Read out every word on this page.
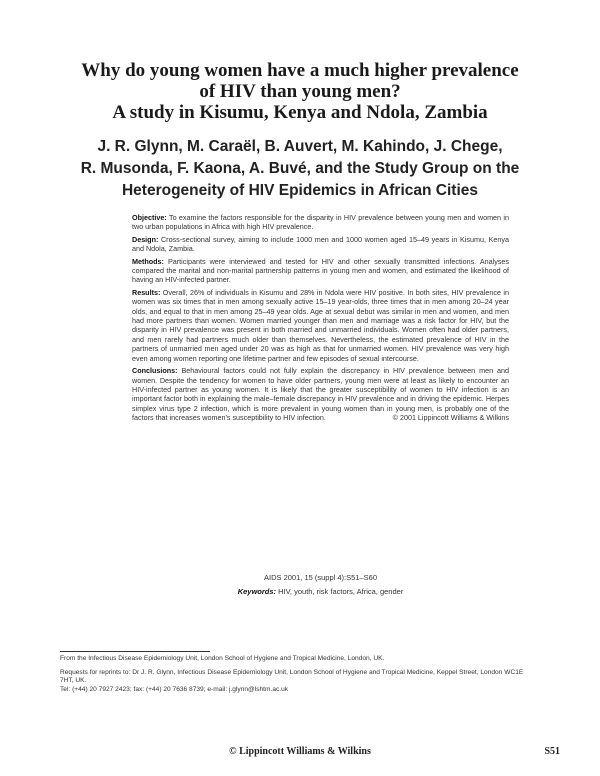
Why do young women have a much higher prevalence
of HIV than young men?
A study in Kisumu, Kenya and Ndola, Zambia
J. R. Glynn, M. Caraël, B. Auvert, M. Kahindo, J. Chege,
R. Musonda, F. Kaona, A. Buvé, and the Study Group on the
Heterogeneity of HIV Epidemics in African Cities

Objective: To examine the factors responsible for the disparity in HIV prevalence between young men and women in two urban populations in Africa with high HIV prevalence.

Design: Cross-sectional survey, aiming to include 1000 men and 1000 women aged 15–49 years in Kisumu, Kenya and Ndola, Zambia.

Methods: Participants were interviewed and tested for HIV and other sexually transmitted infections. Analyses compared the marital and non-marital partnership patterns in young men and women, and estimated the likelihood of having an HIV-infected partner.

Results: Overall, 26% of individuals in Kisumu and 28% in Ndola were HIV positive. In both sites, HIV prevalence in women was six times that in men among sexually active 15–19 year-olds, three times that in men among 20–24 year olds, and equal to that in men among 25–49 year olds. Age at sexual debut was similar in men and women, and men had more partners than women. Women married younger than men and marriage was a risk factor for HIV, but the disparity in HIV prevalence was present in both married and unmarried individuals. Women often had older partners, and men rarely had partners much older than themselves. Nevertheless, the estimated prevalence of HIV in the partners of unmarried men aged under 20 was as high as that for unmarried women. HIV prevalence was very high even among women reporting one lifetime partner and few episodes of sexual intercourse.

Conclusions: Behavioural factors could not fully explain the discrepancy in HIV prevalence between men and women. Despite the tendency for women to have older partners, young men were at least as likely to encounter an HIV-infected partner as young women. It is likely that the greater susceptibility of women to HIV infection is an important factor both in explaining the male–female discrepancy in HIV prevalence and in driving the epidemic. Herpes simplex virus type 2 infection, which is more prevalent in young women than in young men, is probably one of the factors that increases women's susceptibility to HIV infection.	© 2001 Lippincott Williams & Wilkins

AIDS 2001, 15 (suppl 4):S51–S60
Keywords: HIV, youth, risk factors, Africa, gender
From the Infectious Disease Epidemiology Unit, London School of Hygiene and Tropical Medicine, London, UK.
Requests for reprints to: Dr J. R. Glynn, Infectious Disease Epidemiology Unit, London School of Hygiene and Tropical Medicine, Keppel Street, London WC1E 7HT, UK.
Tel: (+44) 20 7927 2423; fax: (+44) 20 7636 8739; e-mail: j.glynn@lshtm.ac.uk
© Lippincott Williams & Wilkins	S51
